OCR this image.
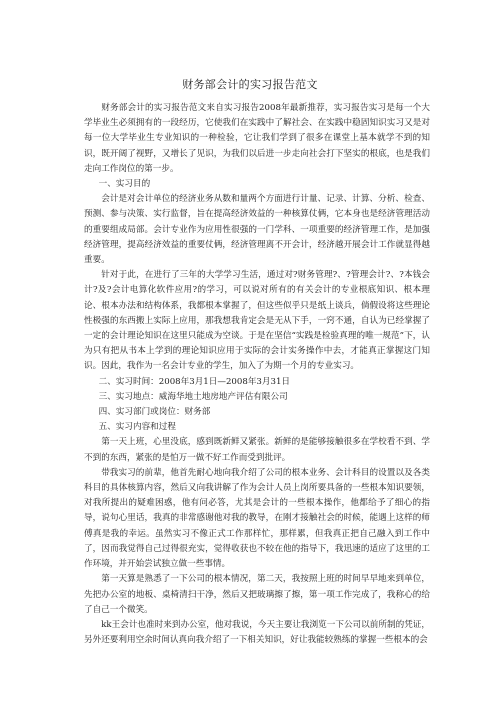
财务部会计的实习报告范文

财务部会计的实习报告范文来自实习报告2008年最新推荐，实习报告实习是每一个大学毕业生必须拥有的一段经历，它使我们在实践中了解社会、在实践中稳固知识实习又是对每一位大学毕业生专业知识的一种检验，它让我们学到了很多在课堂上基本就学不到的知识，既开阔了视野，又增长了见识，为我们以后进一步走向社会打下坚实的根底，也是我们走向工作岗位的第一步。

一、实习目的

会计是对会计单位的经济业务从数和量两个方面进行计量、记录、计算、分析、检查、预测、参与决策、实行监督，旨在提高经济效益的一种核算仗俩，它本身也是经济管理活动的重要组成局部。会计专业作为应用性很强的一门学科、一项重要的经济管理工作，是加强经济管理，提高经济效益的重要仗俩，经济管理离不开会计，经济越开展会计工作就显得越重要。

针对于此，在进行了三年的大学学习生活，通过对?财务管理?、?管理会计?、?本钱会计?及?会计电算化软件应用?的学习，可以说对所有的有关会计的专业根底知识、根本理论、根本办法和结构体系，我都根本掌握了，但这些似乎只是纸上谈兵，倘假设将这些理论性极强的东西搬上实际上应用，那我想我肯定会是无从下手，一窍不通，自认为已经掌握了一定的会计理论知识在这里只能成为空谈。于是在坚信“实践是检验真理的唯一规范”下，认为只有把从书本上学到的理论知识应用于实际的会计实务操作中去，才能真正掌握这门知识。因此，我作为一名会计专业的学生，加入了为期一个月的专业实习。

二、实习时间：2008年3月1日—2008年3月31日

三、实习地点：威海华地土地房地产评估有限公司

四、实习部门或岗位：财务部

五、实习内容和过程

第一天上班，心里没底，感到既新鲜又紧张。新鲜的是能够接触很多在学校看不到、学不到的东西，紧张的是怕万一做不好工作而受到批评。

带我实习的前辈，他首先耐心地向我介绍了公司的根本业务、会计科目的设置以及各类科目的具体核算内容，然后又向我讲解了作为会计人员上岗所要具备的一些根本知识要领，对我所提出的疑难困惑，他有问必答，尤其是会计的一些根本操作，他都给予了细心的指导，说句心里话，我真的非常感谢他对我的教导，在刚才接触社会的时候，能遇上这样的师傅真是我的幸运。虽然实习不像正式工作那样忙，那样累，但我真正把自己融入到工作中了，因而我觉得自己过得很充实，觉得收获也不较在他的指导下，我迅速的适应了这里的工作环境，并开始尝试独立做一些事情。

第一天算是熟悉了一下公司的根本情况，第二天，我按照上班的时间早早地来到单位，先把办公室的地板、桌椅清扫干净，然后又把玻璃擦了擦，第一项工作完成了，我称心的给了自己一个微笑。

kk王会计也准时来到办公室，他对我说，今天主要让我浏览一下公司以前所制的凭证，另外还要利用空余时间认真向我介绍了一下相关知识，好让我能较熟练的掌握一些根本的会
